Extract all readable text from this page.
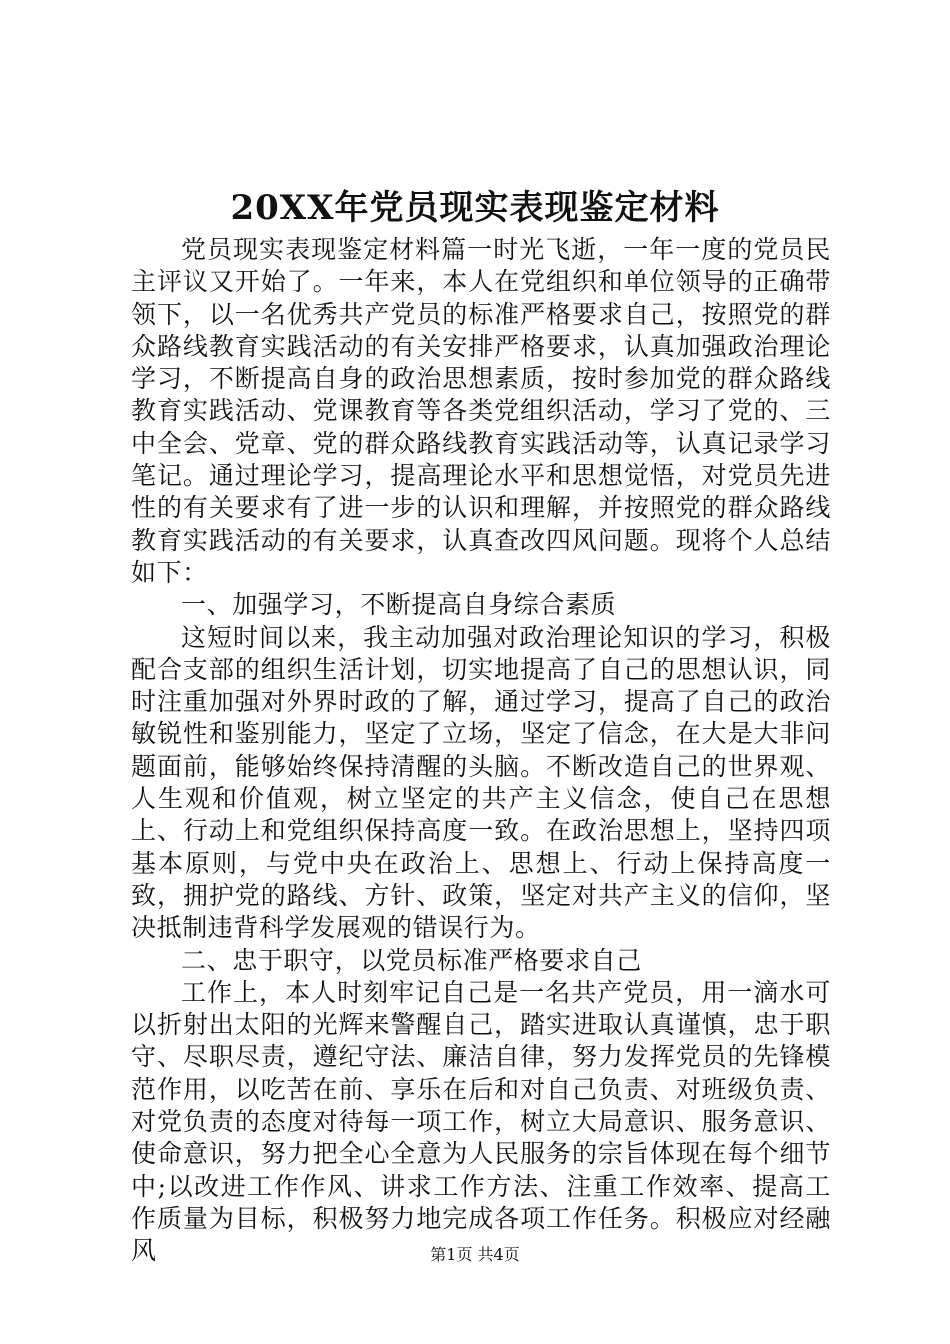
20XX年党员现实表现鉴定材料

党员现实表现鉴定材料篇一时光飞逝，一年一度的党员民主评议又开始了。一年来，本人在党组织和单位领导的正确带领下，以一名优秀共产党员的标准严格要求自己，按照党的群众路线教育实践活动的有关安排严格要求，认真加强政治理论学习，不断提高自身的政治思想素质，按时参加党的群众路线教育实践活动、党课教育等各类党组织活动，学习了党的、三中全会、党章、党的群众路线教育实践活动等，认真记录学习笔记。通过理论学习，提高理论水平和思想觉悟，对党员先进性的有关要求有了进一步的认识和理解，并按照党的群众路线教育实践活动的有关要求，认真查改四风问题。现将个人总结如下：

一、加强学习，不断提高自身综合素质

这短时间以来，我主动加强对政治理论知识的学习，积极配合支部的组织生活计划，切实地提高了自己的思想认识，同时注重加强对外界时政的了解，通过学习，提高了自己的政治敏锐性和鉴别能力，坚定了立场，坚定了信念，在大是大非问题面前，能够始终保持清醒的头脑。不断改造自己的世界观、人生观和价值观，树立坚定的共产主义信念，使自己在思想上、行动上和党组织保持高度一致。在政治思想上，坚持四项基本原则，与党中央在政治上、思想上、行动上保持高度一致，拥护党的路线、方针、政策，坚定对共产主义的信仰，坚决抵制违背科学发展观的错误行为。

二、忠于职守，以党员标准严格要求自己

工作上，本人时刻牢记自己是一名共产党员，用一滴水可以折射出太阳的光辉来警醒自己，踏实进取认真谨慎，忠于职守、尽职尽责，遵纪守法、廉洁自律，努力发挥党员的先锋模范作用，以吃苦在前、享乐在后和对自己负责、对班级负责、对党负责的态度对待每一项工作，树立大局意识、服务意识、使命意识，努力把全心全意为人民服务的宗旨体现在每个细节中;以改进工作作风、讲求工作方法、注重工作效率、提高工作质量为目标，积极努力地完成各项工作任务。积极应对经融风	第1页 共4页
